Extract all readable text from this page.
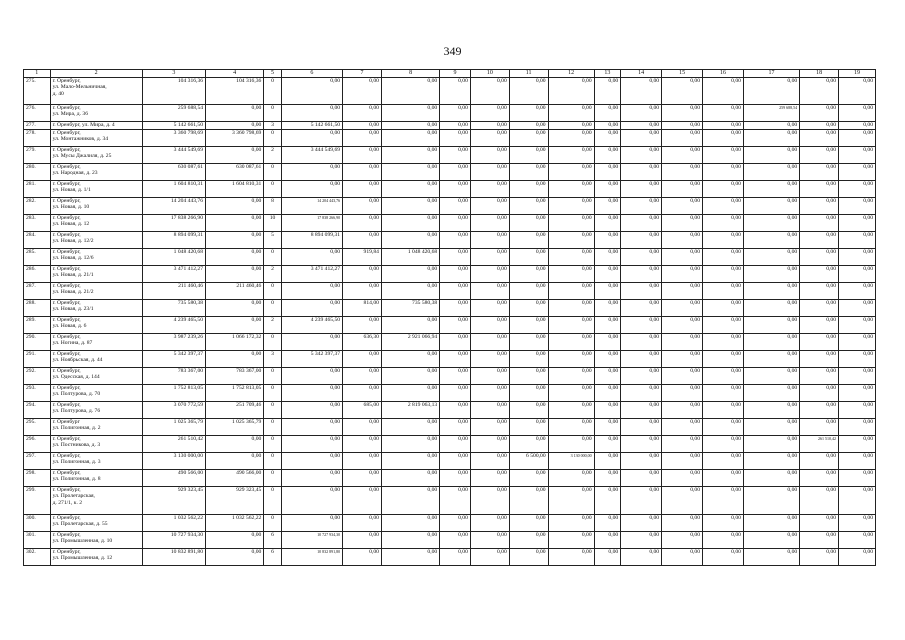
349
1	2	3	4	5	6	7	8	9	10	11	12	13	14	15	16	17	18	19
275.	г. Оренбург,
ул. Мало-Мельничная,
д. 40	104 316,36	104 316,36	0	0,00	0,00	0,00	0,00	0,00	0,00	0,00	0,00	0,00	0,00	0,00	0,00	0,00	0,00
276.	г. Оренбург,
ул. Мира, д. 36	259 688,54	0,00	0	0,00	0,00	0,00	0,00	0,00	0,00	0,00	0,00	0,00	0,00	0,00	259 688,54	0,00	0,00
277.	г. Оренбург, ул. Мира, д. 4	5 142 661,50	0,00	3	5 142 661,50	0,00	0,00	0,00	0,00	0,00	0,00	0,00	0,00	0,00	0,00	0,00	0,00	0,00
278.	г. Оренбург,
ул. Монтажников, д. 34	3 360 798,69	3 360 798,69	0	0,00	0,00	0,00	0,00	0,00	0,00	0,00	0,00	0,00	0,00	0,00	0,00	0,00	0,00
279.	г. Оренбург,
ул. Мусы Джалиля, д. 25	3 444 549,69	0,00	2	3 444 549,69	0,00	0,00	0,00	0,00	0,00	0,00	0,00	0,00	0,00	0,00	0,00	0,00	0,00
280.	г. Оренбург,
ул. Народная, д. 23	630 087,61	630 087,61	0	0,00	0,00	0,00	0,00	0,00	0,00	0,00	0,00	0,00	0,00	0,00	0,00	0,00	0,00
281.	г. Оренбург,
ул. Новая, д. 1/1	1 604 810,31	1 604 810,31	0	0,00	0,00	0,00	0,00	0,00	0,00	0,00	0,00	0,00	0,00	0,00	0,00	0,00	0,00
282.	г. Оренбург,
ул. Новая, д. 10	14 204 443,76	0,00	8	14 204 443,76	0,00	0,00	0,00	0,00	0,00	0,00	0,00	0,00	0,00	0,00	0,00	0,00	0,00
283.	г. Оренбург,
ул. Новая, д. 12	17 838 266,90	0,00	10	17 838 266,90	0,00	0,00	0,00	0,00	0,00	0,00	0,00	0,00	0,00	0,00	0,00	0,00	0,00
284.	г. Оренбург,
ул. Новая, д. 12/2	8 894 099,31	0,00	5	8 894 099,31	0,00	0,00	0,00	0,00	0,00	0,00	0,00	0,00	0,00	0,00	0,00	0,00	0,00
285.	г. Оренбург,
ул. Новая, д. 12/6	1 048 420,68	0,00	0	0,00	919,84	1 048 420,68	0,00	0,00	0,00	0,00	0,00	0,00	0,00	0,00	0,00	0,00	0,00
286.	г. Оренбург,
ул. Новая, д. 21/1	3 471 412,27	0,00	2	3 471 412,27	0,00	0,00	0,00	0,00	0,00	0,00	0,00	0,00	0,00	0,00	0,00	0,00	0,00
287.	г. Оренбург,
ул. Новая, д. 21/2	211 460,46	211 460,46	0	0,00	0,00	0,00	0,00	0,00	0,00	0,00	0,00	0,00	0,00	0,00	0,00	0,00	0,00
288.	г. Оренбург,
ул. Новая, д. 23/1	735 580,38	0,00	0	0,00	814,00	735 580,38	0,00	0,00	0,00	0,00	0,00	0,00	0,00	0,00	0,00	0,00	0,00
289.	г. Оренбург,
ул. Новая, д. 6	4 239 465,50	0,00	2	4 239 465,50	0,00	0,00	0,00	0,00	0,00	0,00	0,00	0,00	0,00	0,00	0,00	0,00	0,00
290.	г. Оренбург,
ул. Ногина, д. 87	3 987 239,26	1 066 172,32	0	0,00	636,30	2 921 066,94	0,00	0,00	0,00	0,00	0,00	0,00	0,00	0,00	0,00	0,00	0,00
291.	г. Оренбург,
ул. Ноябрьская, д. 44	5 342 397,37	0,00	3	5 342 397,37	0,00	0,00	0,00	0,00	0,00	0,00	0,00	0,00	0,00	0,00	0,00	0,00	0,00
292.	г. Оренбург,
ул. Одесская, д. 144	783 367,00	783 367,00	0	0,00	0,00	0,00	0,00	0,00	0,00	0,00	0,00	0,00	0,00	0,00	0,00	0,00	0,00
293.	г. Оренбург,
ул. Полтурова, д. 70	1 752 813,05	1 752 813,05	0	0,00	0,00	0,00	0,00	0,00	0,00	0,00	0,00	0,00	0,00	0,00	0,00	0,00	0,00
294.	г. Оренбург,
ул. Полтурова, д. 76	3 070 772,59	251 709,46	0	0,00	685,00	2 819 063,13	0,00	0,00	0,00	0,00	0,00	0,00	0,00	0,00	0,00	0,00	0,00
295.	г. Оренбург
ул. Полигонная, д. 2	1 025 365,79	1 025 365,79	0	0,00	0,00	0,00	0,00	0,00	0,00	0,00	0,00	0,00	0,00	0,00	0,00	0,00	0,00
296.	г. Оренбург,
ул. Постникова, д. 3	261 510,42	0,00	0	0,00	0,00	0,00	0,00	0,00	0,00	0,00	0,00	0,00	0,00	0,00	0,00	261 510,42	0,00
297.	г. Оренбург,
ул. Полигонная, д. 3	3 130 000,00	0,00	0	0,00	0,00	0,00	0,00	0,00	6 500,00	3 130 000,00	0,00	0,00	0,00	0,00	0,00	0,00	0,00
298.	г. Оренбург,
ул. Полигонная, д. 8	490 566,00	490 566,00	0	0,00	0,00	0,00	0,00	0,00	0,00	0,00	0,00	0,00	0,00	0,00	0,00	0,00	0,00
299.	г. Оренбург,
ул. Пролетарская,
д. 271/1, к. 2	929 323,45	929 323,45	0	0,00	0,00	0,00	0,00	0,00	0,00	0,00	0,00	0,00	0,00	0,00	0,00	0,00	0,00
300.	г. Оренбург,
ул. Пролетарская, д. 55	1 032 562,22	1 032 562,22	0	0,00	0,00	0,00	0,00	0,00	0,00	0,00	0,00	0,00	0,00	0,00	0,00	0,00	0,00
301.	г. Оренбург,
ул. Промышленная, д. 10	10 727 934,30	0,00	6	10 727 934,30	0,00	0,00	0,00	0,00	0,00	0,00	0,00	0,00	0,00	0,00	0,00	0,00	0,00
302.	г. Оренбург,
ул. Промышленная, д. 12	10 832 891,80	0,00	6	10 832 891,80	0,00	0,00	0,00	0,00	0,00	0,00	0,00	0,00	0,00	0,00	0,00	0,00	0,00
